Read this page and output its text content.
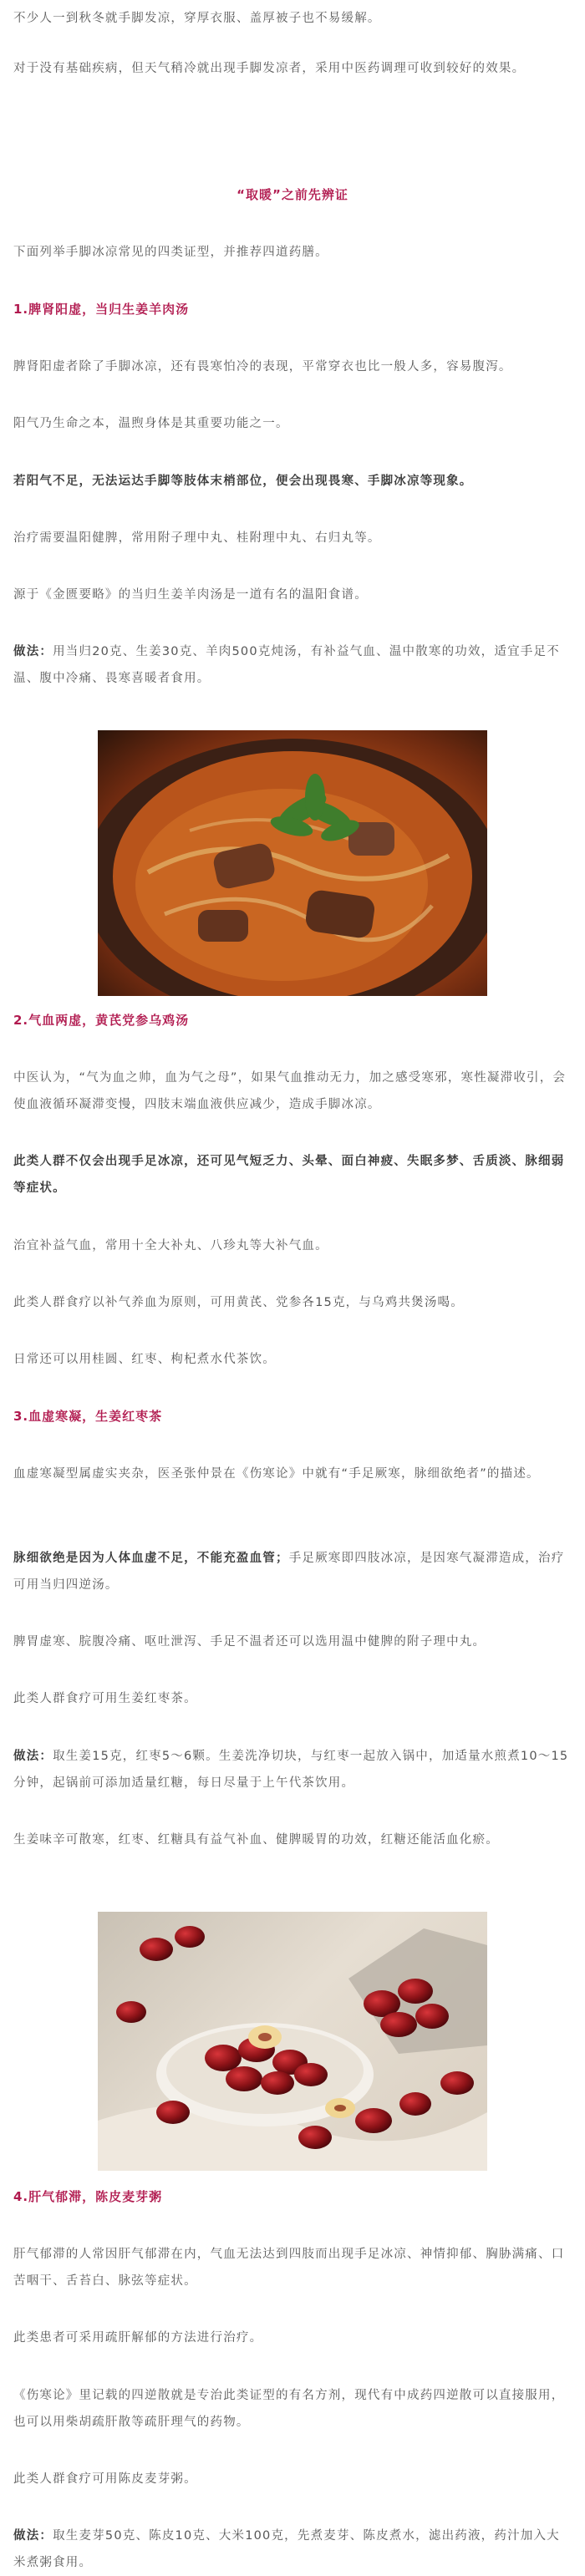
不少人一到秋冬就手脚发凉，穿厚衣服、盖厚被子也不易缓解。

对于没有基础疾病，但天气稍冷就出现手脚发凉者，采用中医药调理可收到较好的效果。

“取暖”之前先辨证

下面列举手脚冰凉常见的四类证型，并推荐四道药膳。

1.脾肾阳虚，当归生姜羊肉汤

脾肾阳虚者除了手脚冰凉，还有畏寒怕冷的表现，平常穿衣也比一般人多，容易腹泻。

阳气乃生命之本，温煦身体是其重要功能之一。

若阳气不足，无法运达手脚等肢体末梢部位，便会出现畏寒、手脚冰凉等现象。

治疗需要温阳健脾，常用附子理中丸、桂附理中丸、右归丸等。

源于《金匮要略》的当归生姜羊肉汤是一道有名的温阳食谱。

做法：用当归20克、生姜30克、羊肉500克炖汤，有补益气血、温中散寒的功效，适宜手足不温、腹中冷痛、畏寒喜暖者食用。

2.气血两虚，黄芪党参乌鸡汤

中医认为，“气为血之帅，血为气之母”，如果气血推动无力，加之感受寒邪，寒性凝滞收引，会使血液循环凝滞变慢，四肢末端血液供应减少，造成手脚冰凉。

此类人群不仅会出现手足冰凉，还可见气短乏力、头晕、面白神疲、失眠多梦、舌质淡、脉细弱等症状。

治宜补益气血，常用十全大补丸、八珍丸等大补气血。

此类人群食疗以补气养血为原则，可用黄芪、党参各15克，与乌鸡共煲汤喝。

日常还可以用桂圆、红枣、枸杞煮水代茶饮。

3.血虚寒凝，生姜红枣茶

血虚寒凝型属虚实夹杂，医圣张仲景在《伤寒论》中就有“手足厥寒，脉细欲绝者”的描述。

脉细欲绝是因为人体血虚不足，不能充盈血管；手足厥寒即四肢冰凉，是因寒气凝滞造成，治疗可用当归四逆汤。

脾胃虚寒、脘腹冷痛、呕吐泄泻、手足不温者还可以选用温中健脾的附子理中丸。

此类人群食疗可用生姜红枣茶。

做法：取生姜15克，红枣5～6颗。生姜洗净切块，与红枣一起放入锅中，加适量水煎煮10～15分钟，起锅前可添加适量红糖，每日尽量于上午代茶饮用。

生姜味辛可散寒，红枣、红糖具有益气补血、健脾暖胃的功效，红糖还能活血化瘀。

4.肝气郁滞，陈皮麦芽粥

肝气郁滞的人常因肝气郁滞在内，气血无法达到四肢而出现手足冰凉、神情抑郁、胸胁满痛、口苦咽干、舌苔白、脉弦等症状。

此类患者可采用疏肝解郁的方法进行治疗。

《伤寒论》里记载的四逆散就是专治此类证型的有名方剂，现代有中成药四逆散可以直接服用，也可以用柴胡疏肝散等疏肝理气的药物。

此类人群食疗可用陈皮麦芽粥。

做法：取生麦芽50克、陈皮10克、大米100克，先煮麦芽、陈皮煮水，滤出药液，药汁加入大米煮粥食用。
